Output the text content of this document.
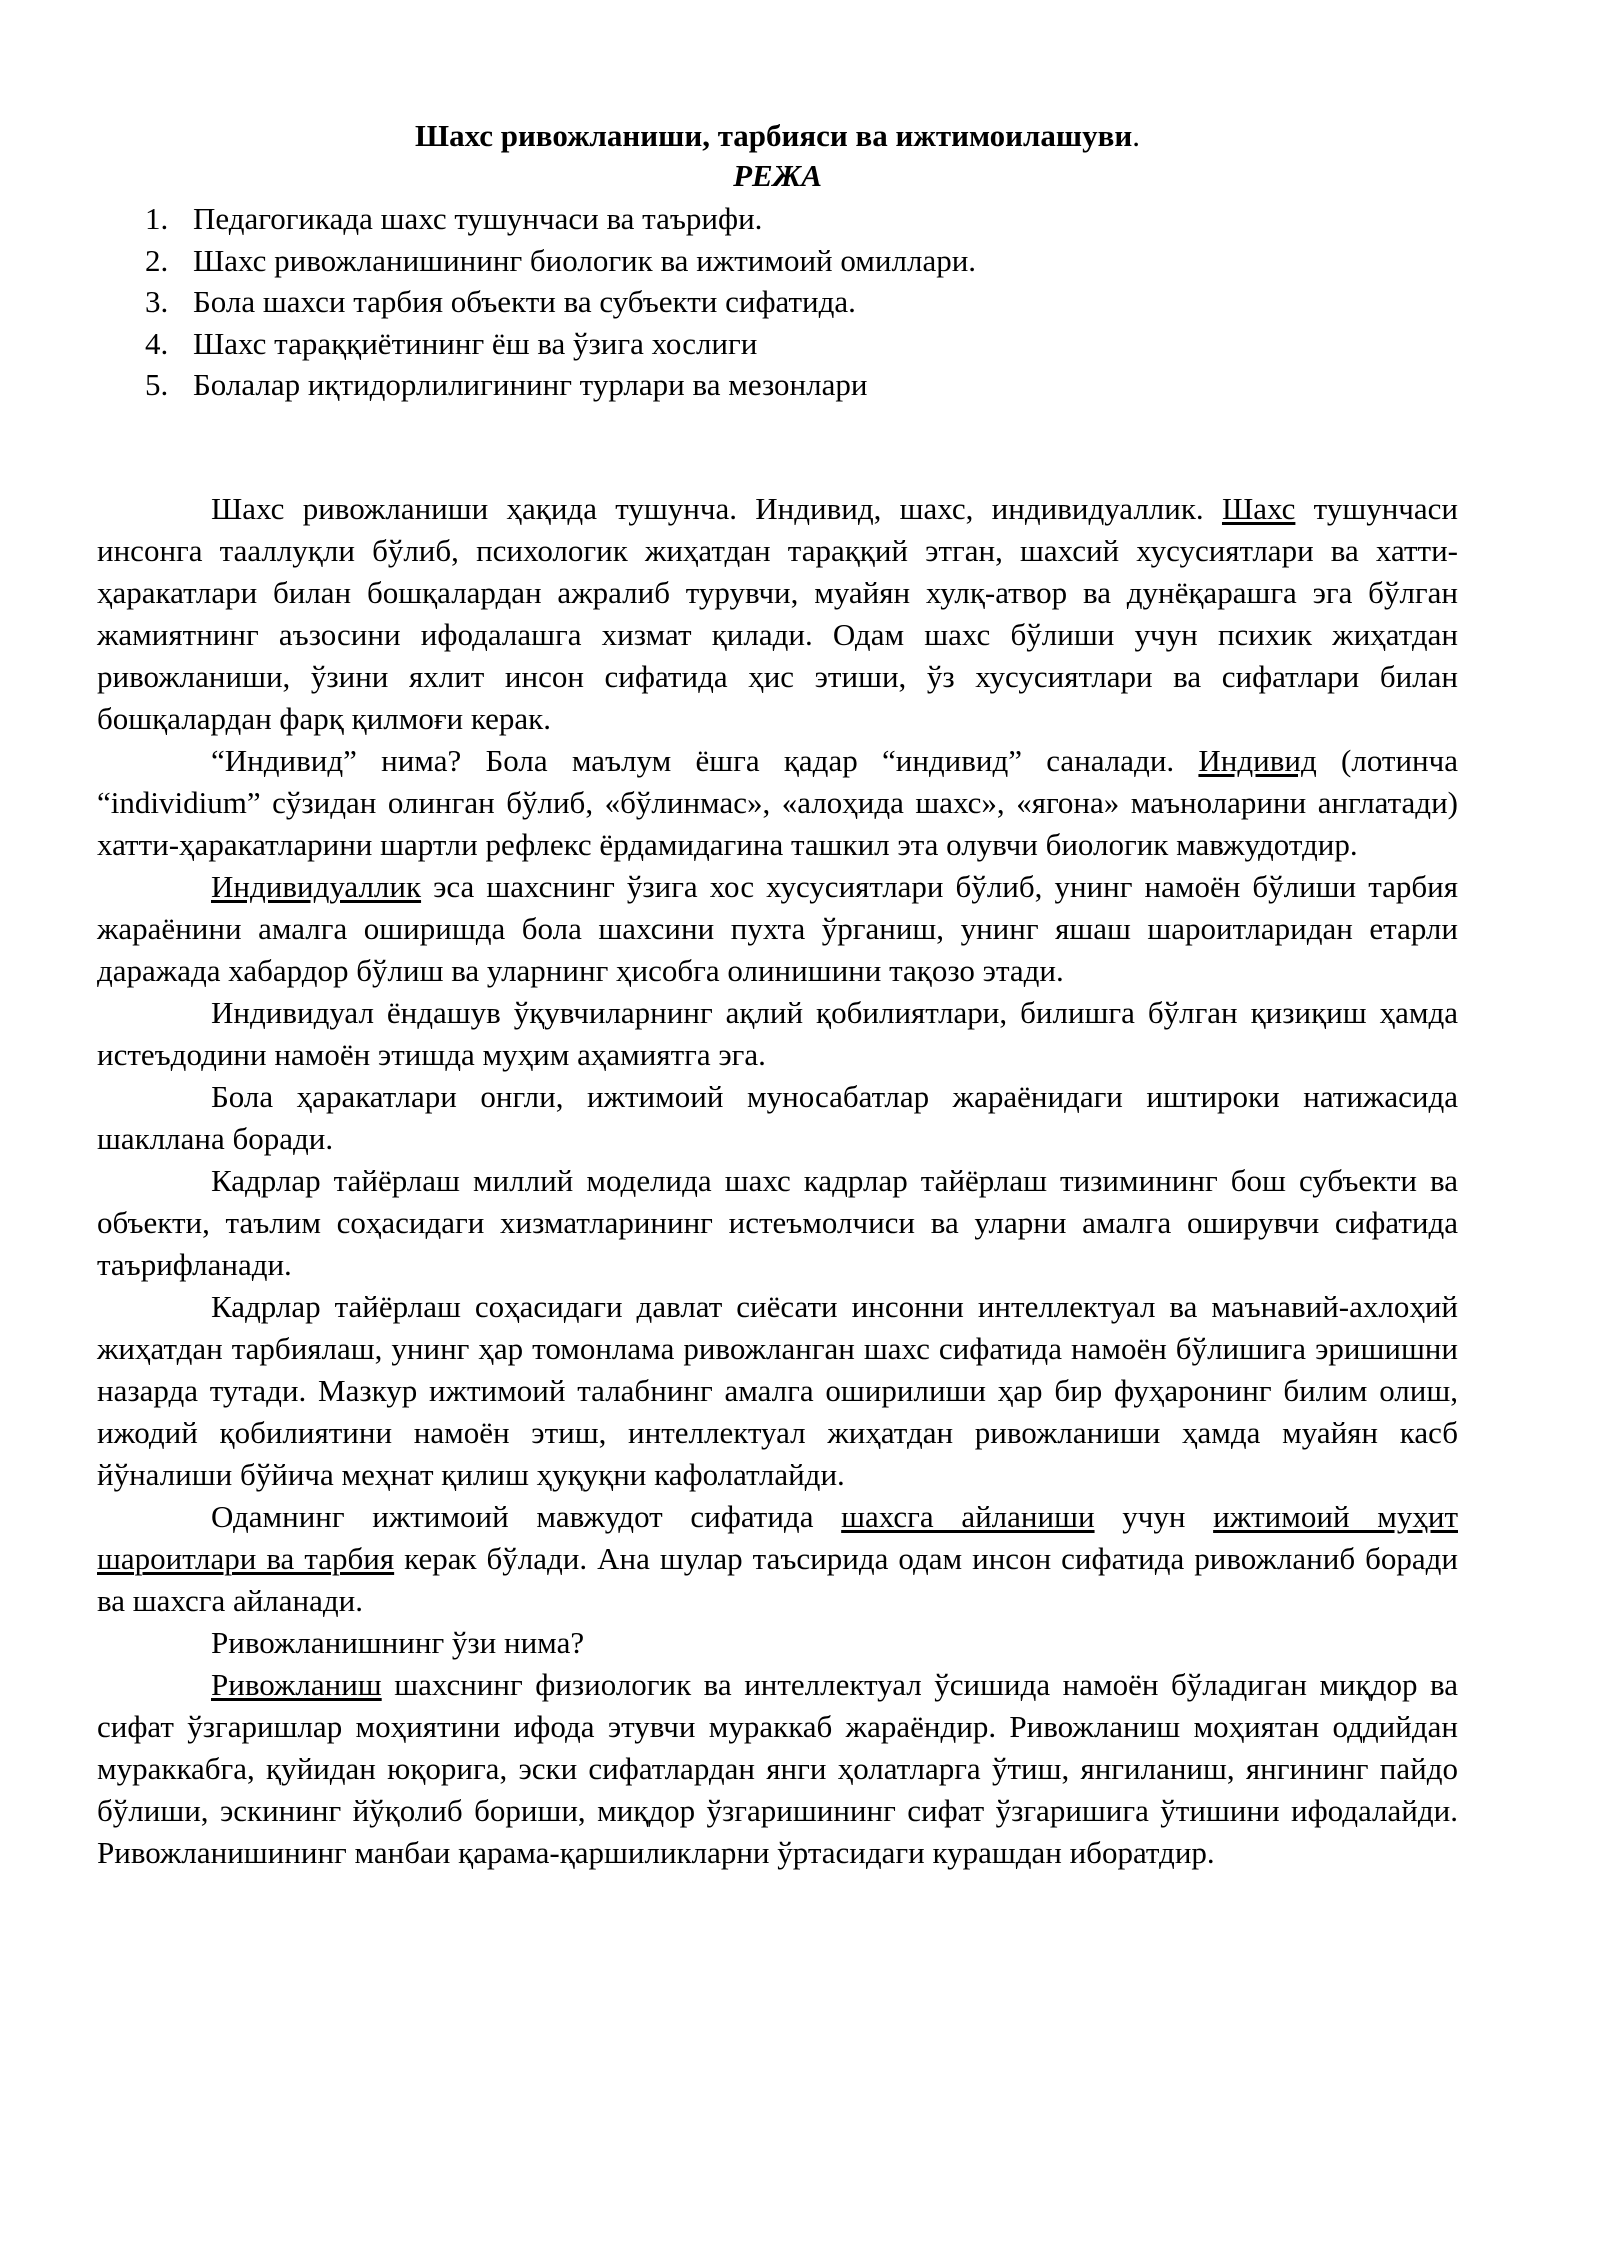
Шахс ривожланиши, тарбияси ва ижтимоилашуви.
РЕЖА
1. Педагогикада шахс тушунчаси ва таърифи.
2. Шахс ривожланишининг биологик ва ижтимоий омиллари.
3. Бола шахси тарбия объекти ва субъекти сифатида.
4. Шахс тараққиётининг ёш ва ўзига хослиги
5. Болалар иқтидорлилигининг турлари ва мезонлари

Шахс ривожланиши ҳақида тушунча. Индивид, шахс, индивидуаллик. Шахс тушунчаси инсонга тааллуқли бўлиб, психологик жиҳатдан тараққий этган, шахсий хусусиятлари ва хатти-ҳаракатлари билан бошқалардан ажралиб турувчи, муайян хулқ-атвор ва дунёқарашга эга бўлган жамиятнинг аъзосини ифодалашга хизмат қилади. Одам шахс бўлиши учун психик жиҳатдан ривожланиши, ўзини яхлит инсон сифатида ҳис этиши, ўз хусусиятлари ва сифатлари билан бошқалардан фарқ қилмоғи керак.

“Индивид” нима? Бола маълум ёшга қадар “индивид” саналади. Индивид (лотинча “individium” сўзидан олинган бўлиб, «бўлинмас», «алоҳида шахс», «ягона» маъноларини англатади) хатти-ҳаракатларини шартли рефлекс ёрдамидагина ташкил эта олувчи биологик мавжудотдир.

Индивидуаллик эса шахснинг ўзига хос хусусиятлари бўлиб, унинг намоён бўлиши тарбия жараёнини амалга оширишда бола шахсини пухта ўрганиш, унинг яшаш шароитларидан етарли даражада хабардор бўлиш ва уларнинг ҳисобга олинишини тақозо этади.

Индивидуал ёндашув ўқувчиларнинг ақлий қобилиятлари, билишга бўлган қизиқиш ҳамда истеъдодини намоён этишда муҳим аҳамиятга эга.

Бола ҳаракатлари онгли, ижтимоий муносабатлар жараёнидаги иштироки натижасида шакллана боради.

Кадрлар тайёрлаш миллий моделида шахс кадрлар тайёрлаш тизимининг бош субъекти ва объекти, таълим соҳасидаги хизматларининг истеъмолчиси ва уларни амалга оширувчи сифатида таърифланади.

Кадрлар тайёрлаш соҳасидаги давлат сиёсати инсонни интеллектуал ва маънавий-ахлоҳий жиҳатдан тарбиялаш, унинг ҳар томонлама ривожланган шахс сифатида намоён бўлишига эришишни назарда тутади. Мазкур ижтимоий талабнинг амалга оширилиши ҳар бир фуҳаронинг билим олиш, ижодий қобилиятини намоён этиш, интеллектуал жиҳатдан ривожланиши ҳамда муайян касб йўналиши бўйича меҳнат қилиш ҳуқуқни кафолатлайди.

Одамнинг ижтимоий мавжудот сифатида шахсга айланиши учун ижтимоий муҳит шароитлари ва тарбия керак бўлади. Ана шулар таъсирида одам инсон сифатида ривожланиб боради ва шахсга айланади.

Ривожланишнинг ўзи нима?

Ривожланиш шахснинг физиологик ва интеллектуал ўсишида намоён бўладиган миқдор ва сифат ўзгаришлар моҳиятини ифода этувчи мураккаб жараёндир. Ривожланиш моҳиятан оддийдан мураккабга, қуйидан юқорига, эски сифатлардан янги ҳолатларга ўтиш, янгиланиш, янгининг пайдо бўлиши, эскининг йўқолиб бориши, миқдор ўзгаришининг сифат ўзгаришига ўтишини ифодалайди. Ривожланишининг манбаи қарама-қаршиликларни ўртасидаги курашдан иборатдир.
